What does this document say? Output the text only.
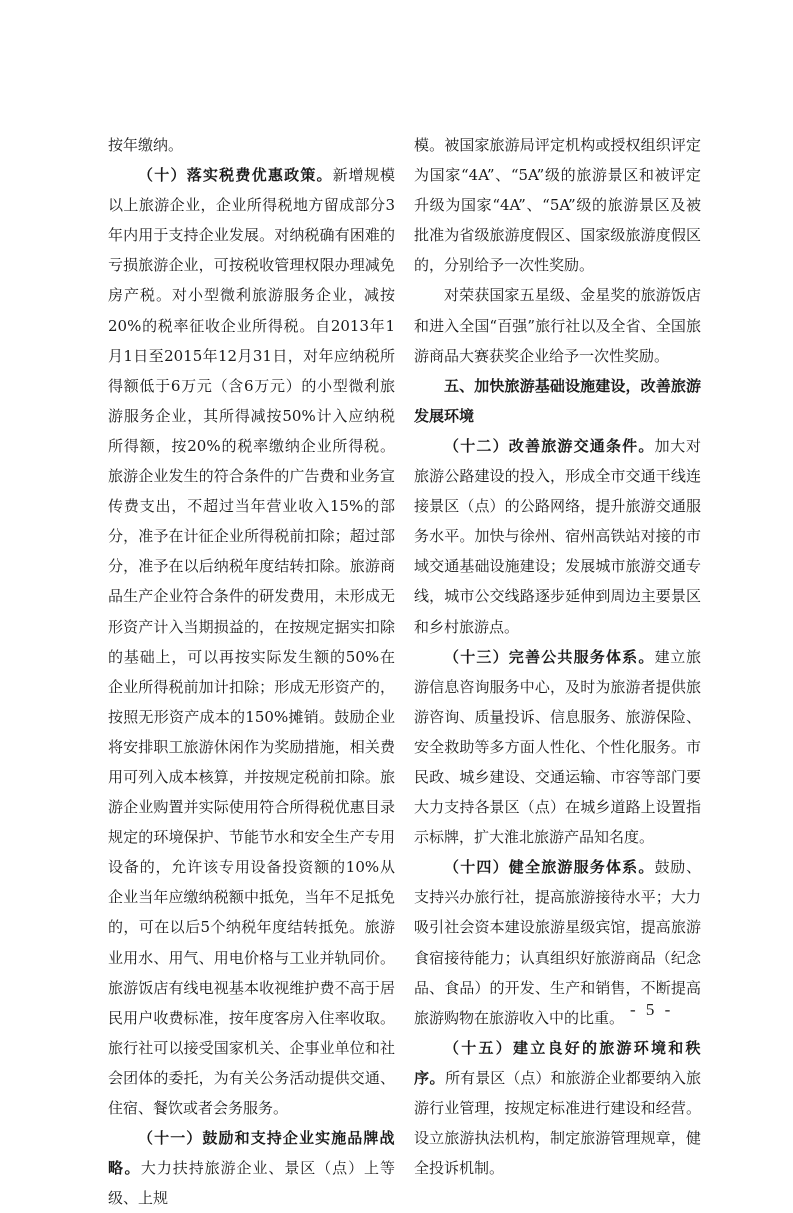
按年缴纳。

（十）落实税费优惠政策。新增规模以上旅游企业，企业所得税地方留成部分3年内用于支持企业发展。对纳税确有困难的亏损旅游企业，可按税收管理权限办理减免房产税。对小型微利旅游服务企业，减按20%的税率征收企业所得税。自2013年1月1日至2015年12月31日，对年应纳税所得额低于6万元（含6万元）的小型微利旅游服务企业，其所得减按50%计入应纳税所得额，按20%的税率缴纳企业所得税。旅游企业发生的符合条件的广告费和业务宣传费支出，不超过当年营业收入15%的部分，准予在计征企业所得税前扣除；超过部分，准予在以后纳税年度结转扣除。旅游商品生产企业符合条件的研发费用，未形成无形资产计入当期损益的，在按规定据实扣除的基础上，可以再按实际发生额的50%在企业所得税前加计扣除；形成无形资产的，按照无形资产成本的150%摊销。鼓励企业将安排职工旅游休闲作为奖励措施，相关费用可列入成本核算，并按规定税前扣除。旅游企业购置并实际使用符合所得税优惠目录规定的环境保护、节能节水和安全生产专用设备的，允许该专用设备投资额的10%从企业当年应缴纳税额中抵免，当年不足抵免的，可在以后5个纳税年度结转抵免。旅游业用水、用气、用电价格与工业并轨同价。旅游饭店有线电视基本收视维护费不高于居民用户收费标准，按年度客房入住率收取。旅行社可以接受国家机关、企事业单位和社会团体的委托，为有关公务活动提供交通、住宿、餐饮或者会务服务。

（十一）鼓励和支持企业实施品牌战略。大力扶持旅游企业、景区（点）上等级、上规

模。被国家旅游局评定机构或授权组织评定为国家“4A”、“5A”级的旅游景区和被评定升级为国家“4A”、“5A”级的旅游景区及被批准为省级旅游度假区、国家级旅游度假区的，分别给予一次性奖励。

对荣获国家五星级、金星奖的旅游饭店和进入全国“百强”旅行社以及全省、全国旅游商品大赛获奖企业给予一次性奖励。

五、加快旅游基础设施建设，改善旅游发展环境

（十二）改善旅游交通条件。加大对旅游公路建设的投入，形成全市交通干线连接景区（点）的公路网络，提升旅游交通服务水平。加快与徐州、宿州高铁站对接的市域交通基础设施建设；发展城市旅游交通专线，城市公交线路逐步延伸到周边主要景区和乡村旅游点。

（十三）完善公共服务体系。建立旅游信息咨询服务中心，及时为旅游者提供旅游咨询、质量投诉、信息服务、旅游保险、安全救助等多方面人性化、个性化服务。市民政、城乡建设、交通运输、市容等部门要大力支持各景区（点）在城乡道路上设置指示标牌，扩大淮北旅游产品知名度。

（十四）健全旅游服务体系。鼓励、支持兴办旅行社，提高旅游接待水平；大力吸引社会资本建设旅游星级宾馆，提高旅游食宿接待能力；认真组织好旅游商品（纪念品、食品）的开发、生产和销售，不断提高旅游购物在旅游收入中的比重。

（十五）建立良好的旅游环境和秩序。所有景区（点）和旅游企业都要纳入旅游行业管理，按规定标准进行建设和经营。设立旅游执法机构，制定旅游管理规章，健全投诉机制。

- 5 -
